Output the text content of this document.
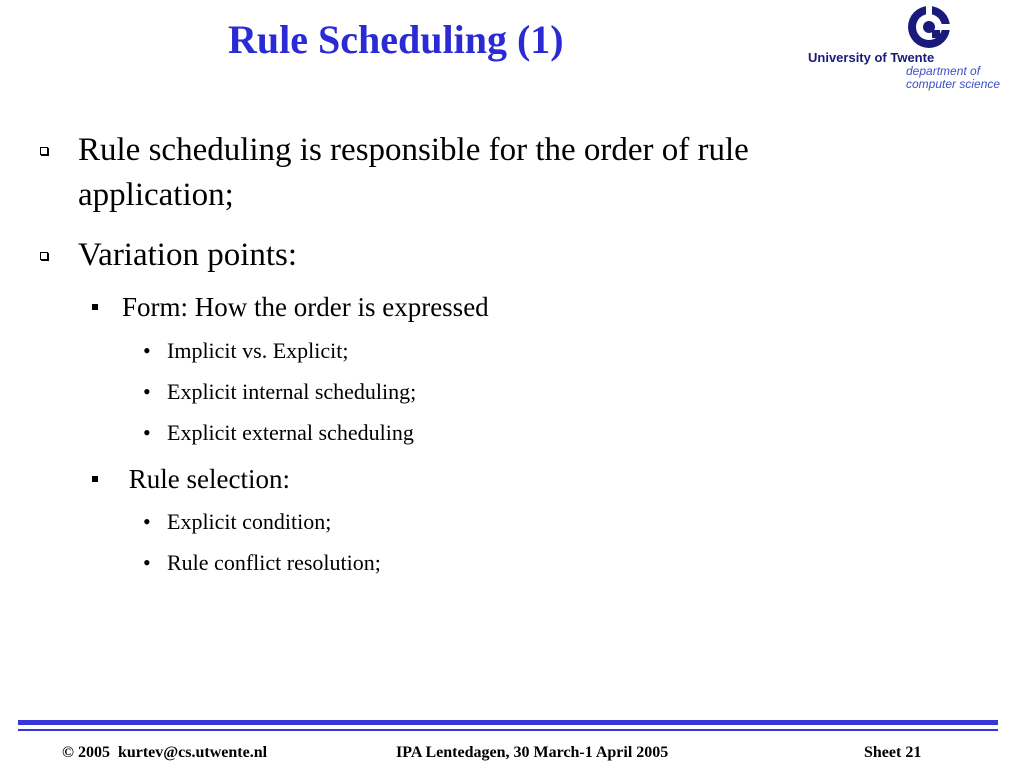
Rule Scheduling (1)	University of Twente
department of
computer science
Rule scheduling is responsible for the order of rule
application;
Variation points:
Form: How the order is expressed
• Implicit vs. Explicit;
• Explicit internal scheduling;
• Explicit external scheduling
Rule selection:
• Explicit condition;
• Rule conflict resolution;
© 2005  kurtev@cs.utwente.nl	IPA Lentedagen, 30 March-1 April 2005	Sheet 21
